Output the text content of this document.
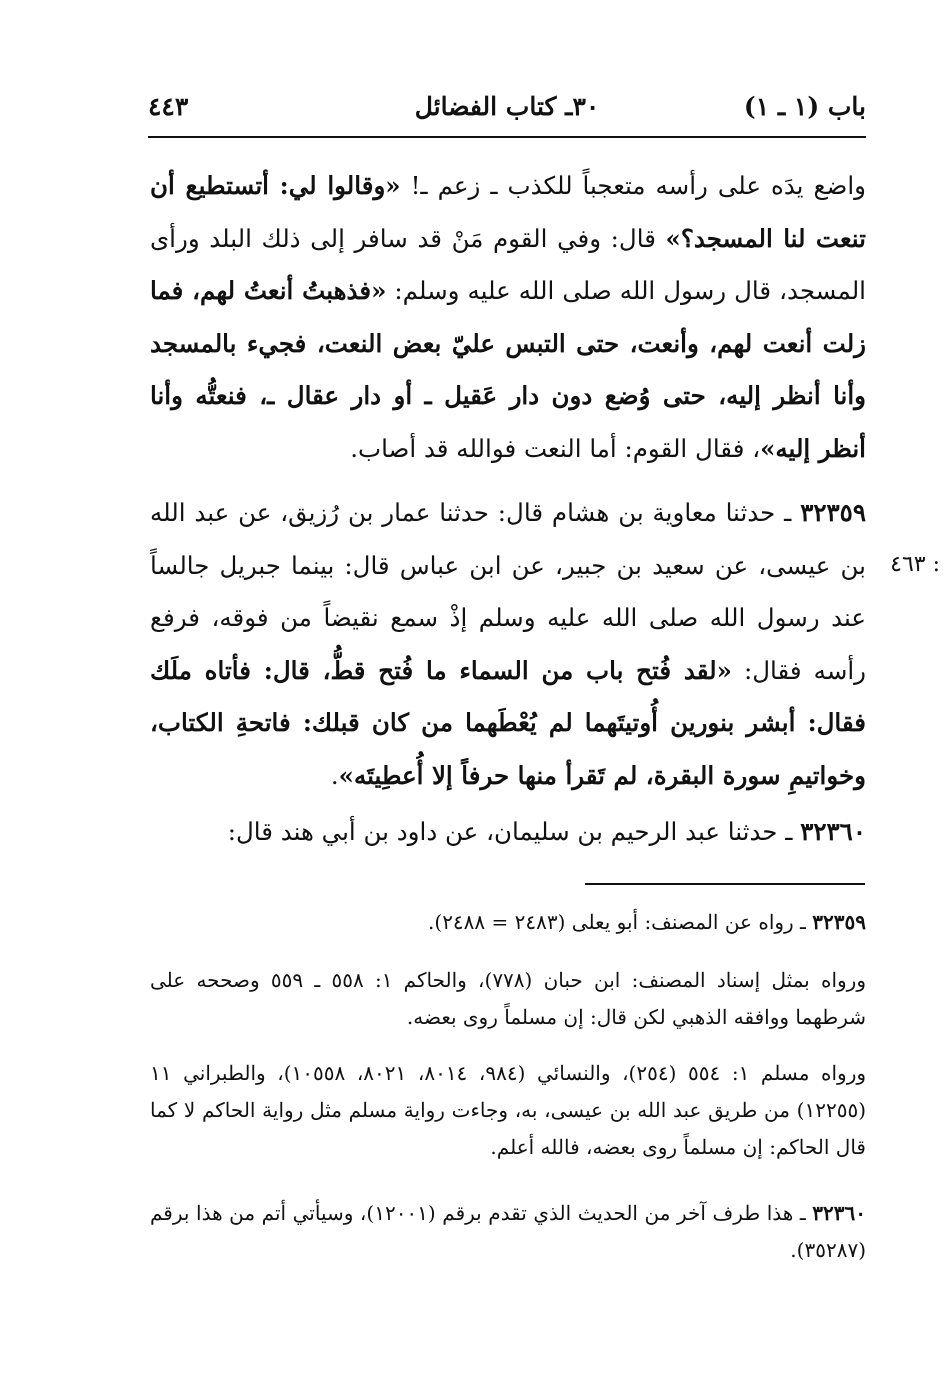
باب (١ ـ ١)
٣٠ـ كتاب الفضائل
٤٤٣
واضع يدَه على رأسه متعجباً للكذب ـ زعم ـ! «وقالوا لي: أتستطيع أن تنعت لنا المسجد؟» قال: وفي القوم مَنْ قد سافر إلى ذلك البلد ورأى المسجد، قال رسول الله صلى الله عليه وسلم: «فذهبتُ أنعتُ لهم، فما زلت أنعت لهم، وأنعت، حتى التبس عليّ بعض النعت، فجيء بالمسجد وأنا أنظر إليه، حتى وُضع دون دار عَقيل ـ أو دار عقال ـ، فنعتُّه وأنا أنظر إليه»، فقال القوم: أما النعت فوالله قد أصاب.
٣٢٣٥٩ ـ حدثنا معاوية بن هشام قال: حدثنا عمار بن رُزيق، عن عبد الله بن عيسى، عن سعيد بن جبير، عن ابن عباس قال: بينما جبريل جالساً عند رسول الله صلى الله عليه وسلم إذْ سمع نقيضاً من فوقه، فرفع رأسه فقال: «لقد فُتح باب من السماء ما فُتح قطُّ، قال: فأتاه ملَك فقال: أبشر بنورين أُوتيتَهما لم يُعْطَهما من كان قبلك: فاتحةِ الكتاب، وخواتيمِ سورة البقرة، لم تَقرأ منها حرفاً إلا أُعطِيتَه».
: ٤٦٣
٣٢٣٦٠ ـ حدثنا عبد الرحيم بن سليمان، عن داود بن أبي هند قال:
٣٢٣٥٩ ـ رواه عن المصنف: أبو يعلى (٢٤٨٣ = ٢٤٨٨).
ورواه بمثل إسناد المصنف: ابن حبان (٧٧٨)، والحاكم ١: ٥٥٨ ـ ٥٥٩ وصححه على شرطهما ووافقه الذهبي لكن قال: إن مسلماً روى بعضه.
ورواه مسلم ١: ٥٥٤ (٢٥٤)، والنسائي (٩٨٤، ٨٠١٤، ٨٠٢١، ١٠٥٥٨)، والطبراني ١١ (١٢٢٥٥) من طريق عبد الله بن عيسى، به، وجاءت رواية مسلم مثل رواية الحاكم لا كما قال الحاكم: إن مسلماً روى بعضه، فالله أعلم.
٣٢٣٦٠ ـ هذا طرف آخر من الحديث الذي تقدم برقم (١٢٠٠١)، وسيأتي أتم من هذا برقم (٣٥٢٨٧).
